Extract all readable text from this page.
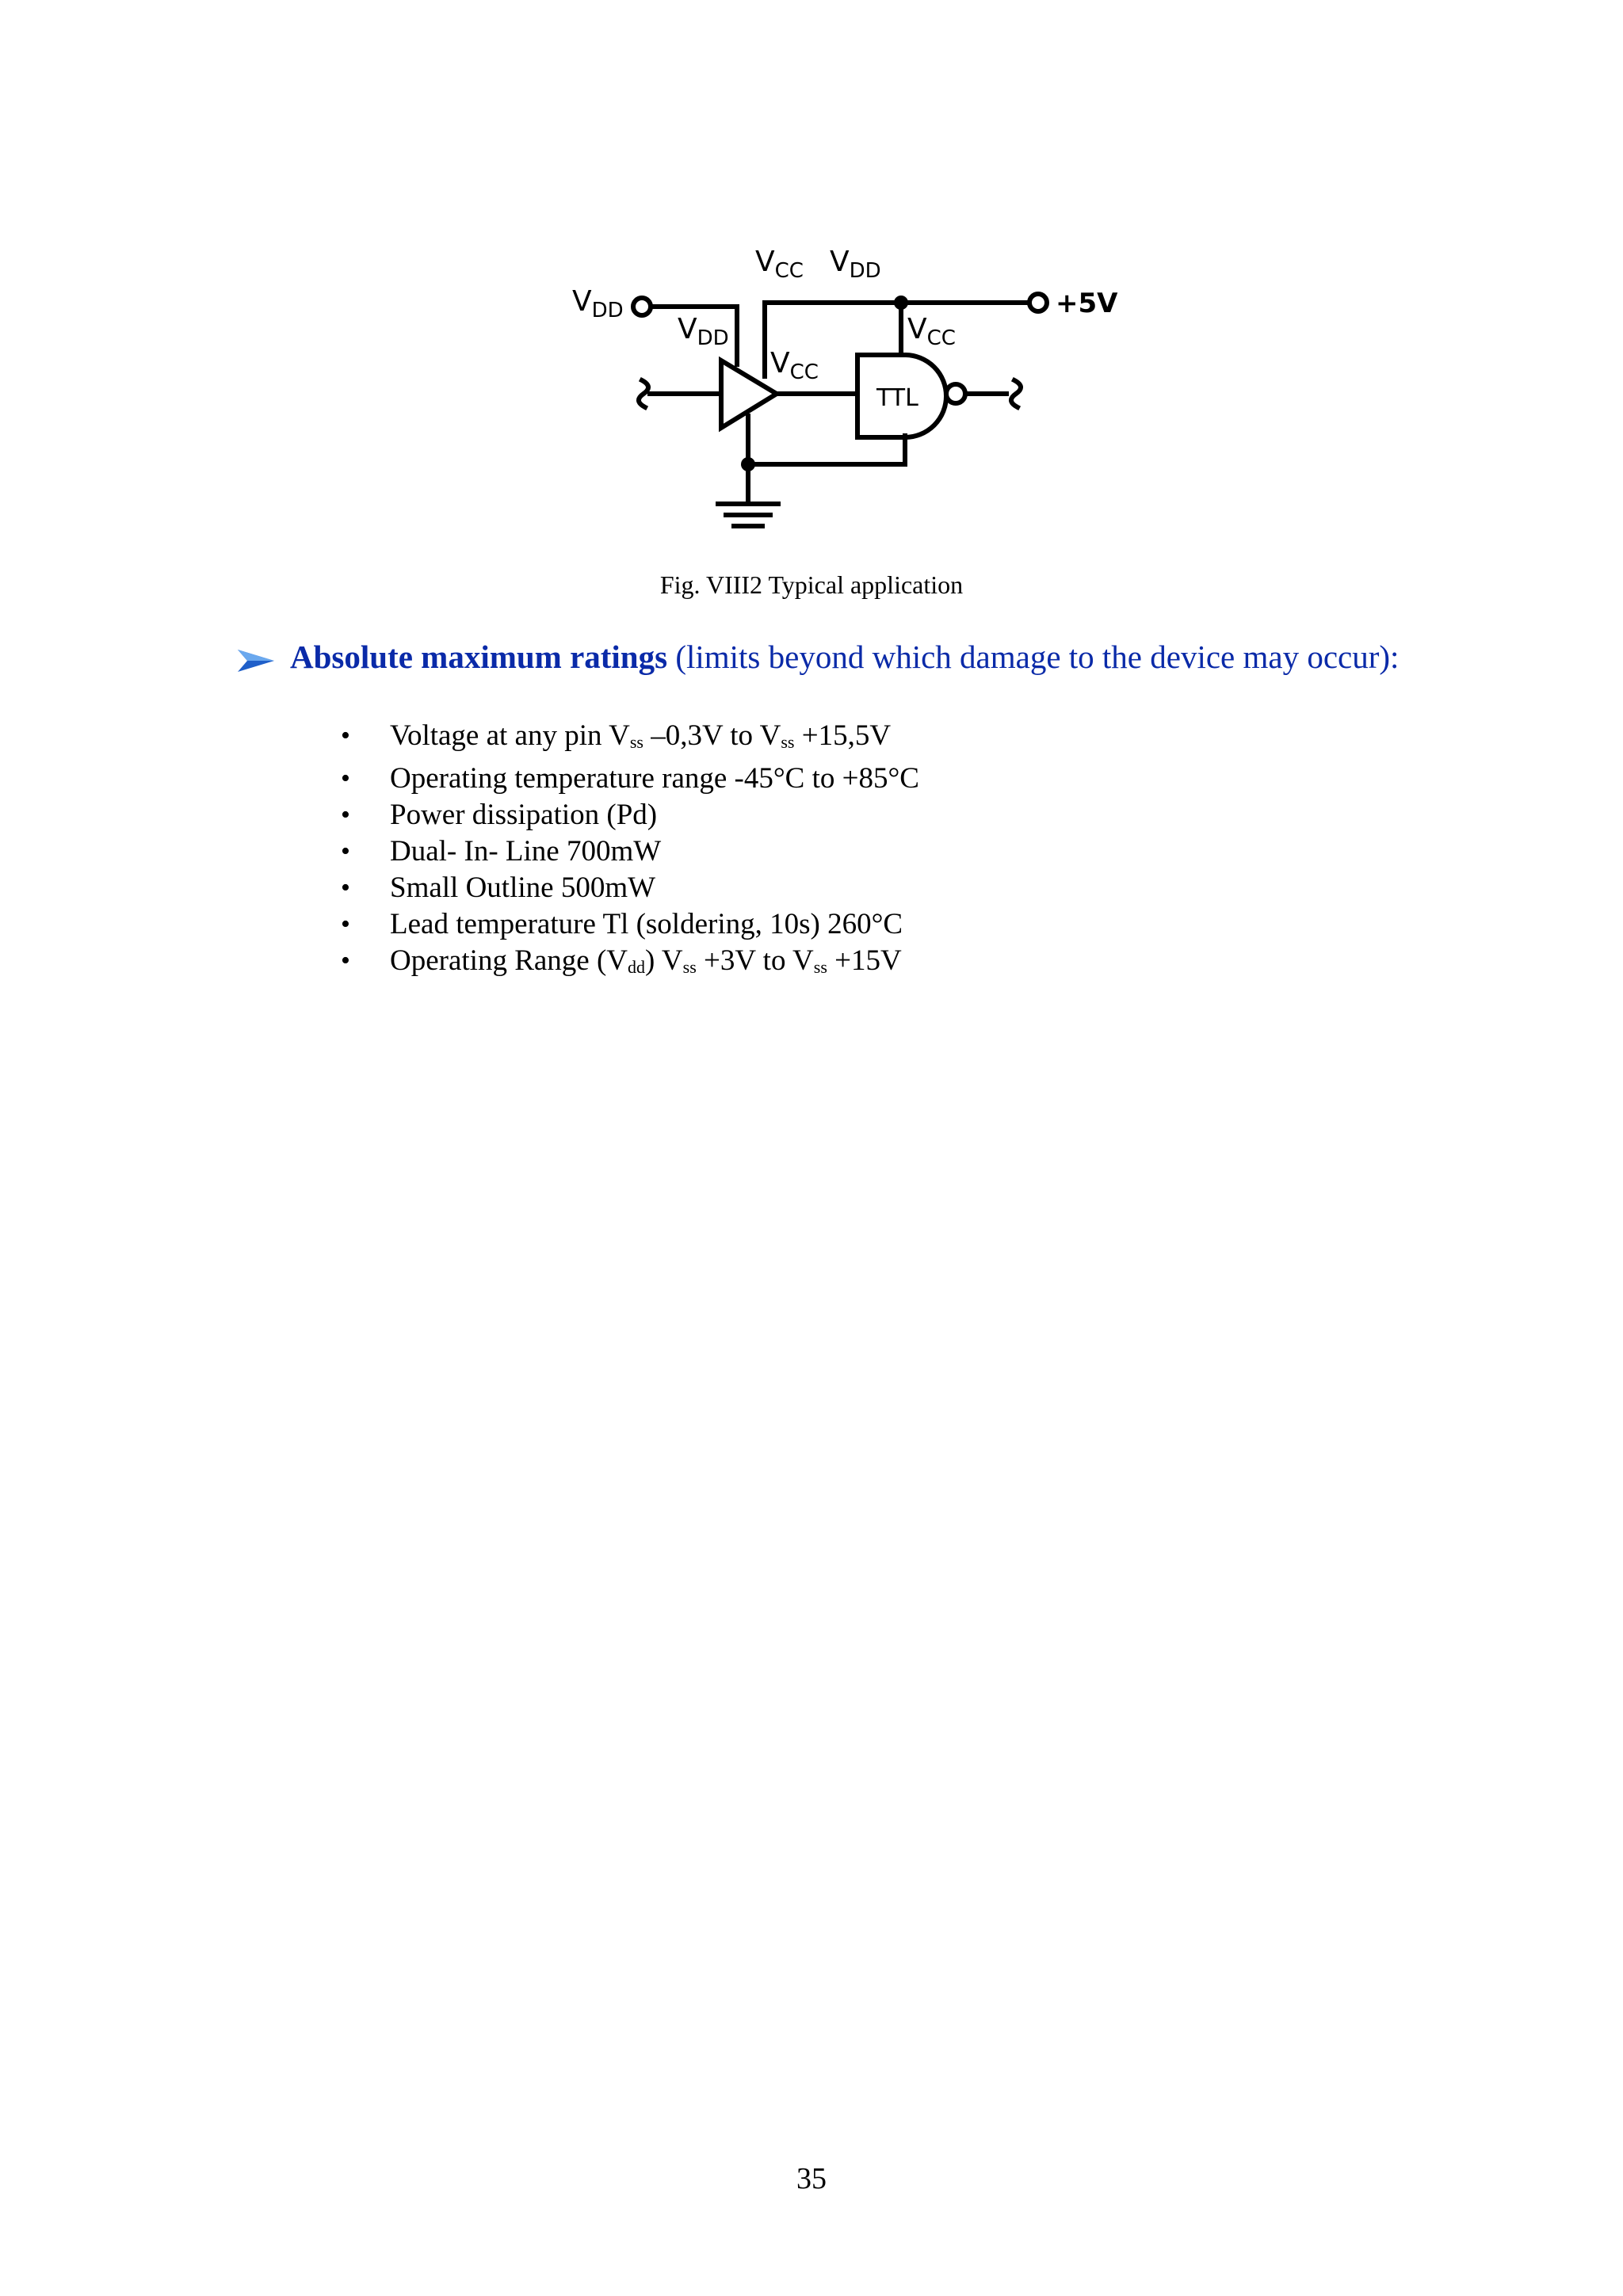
$V_{DD}$
$V_{DD}$
$V_{CC}$ $V_{DD}$
+5V
$V_{CC}$
$V_{CC}$
TTL
Fig. VIII2 Typical application
Absolute maximum ratings (limits beyond which damage to the device may occur):
• Voltage at any pin $V_{ss}$ –0,3V to $V_{ss} +15,5V$
• Operating temperature range -45°C to +85°C
• Power dissipation (Pd)
• Dual- In- Line 700mW
• Small Outline 500mW
• Lead temperature Tl (soldering, 10s) 260°C
• Operating Range $(V_{dd})$ $V_{ss} +3V$ to $V_{ss} +15V$
35
